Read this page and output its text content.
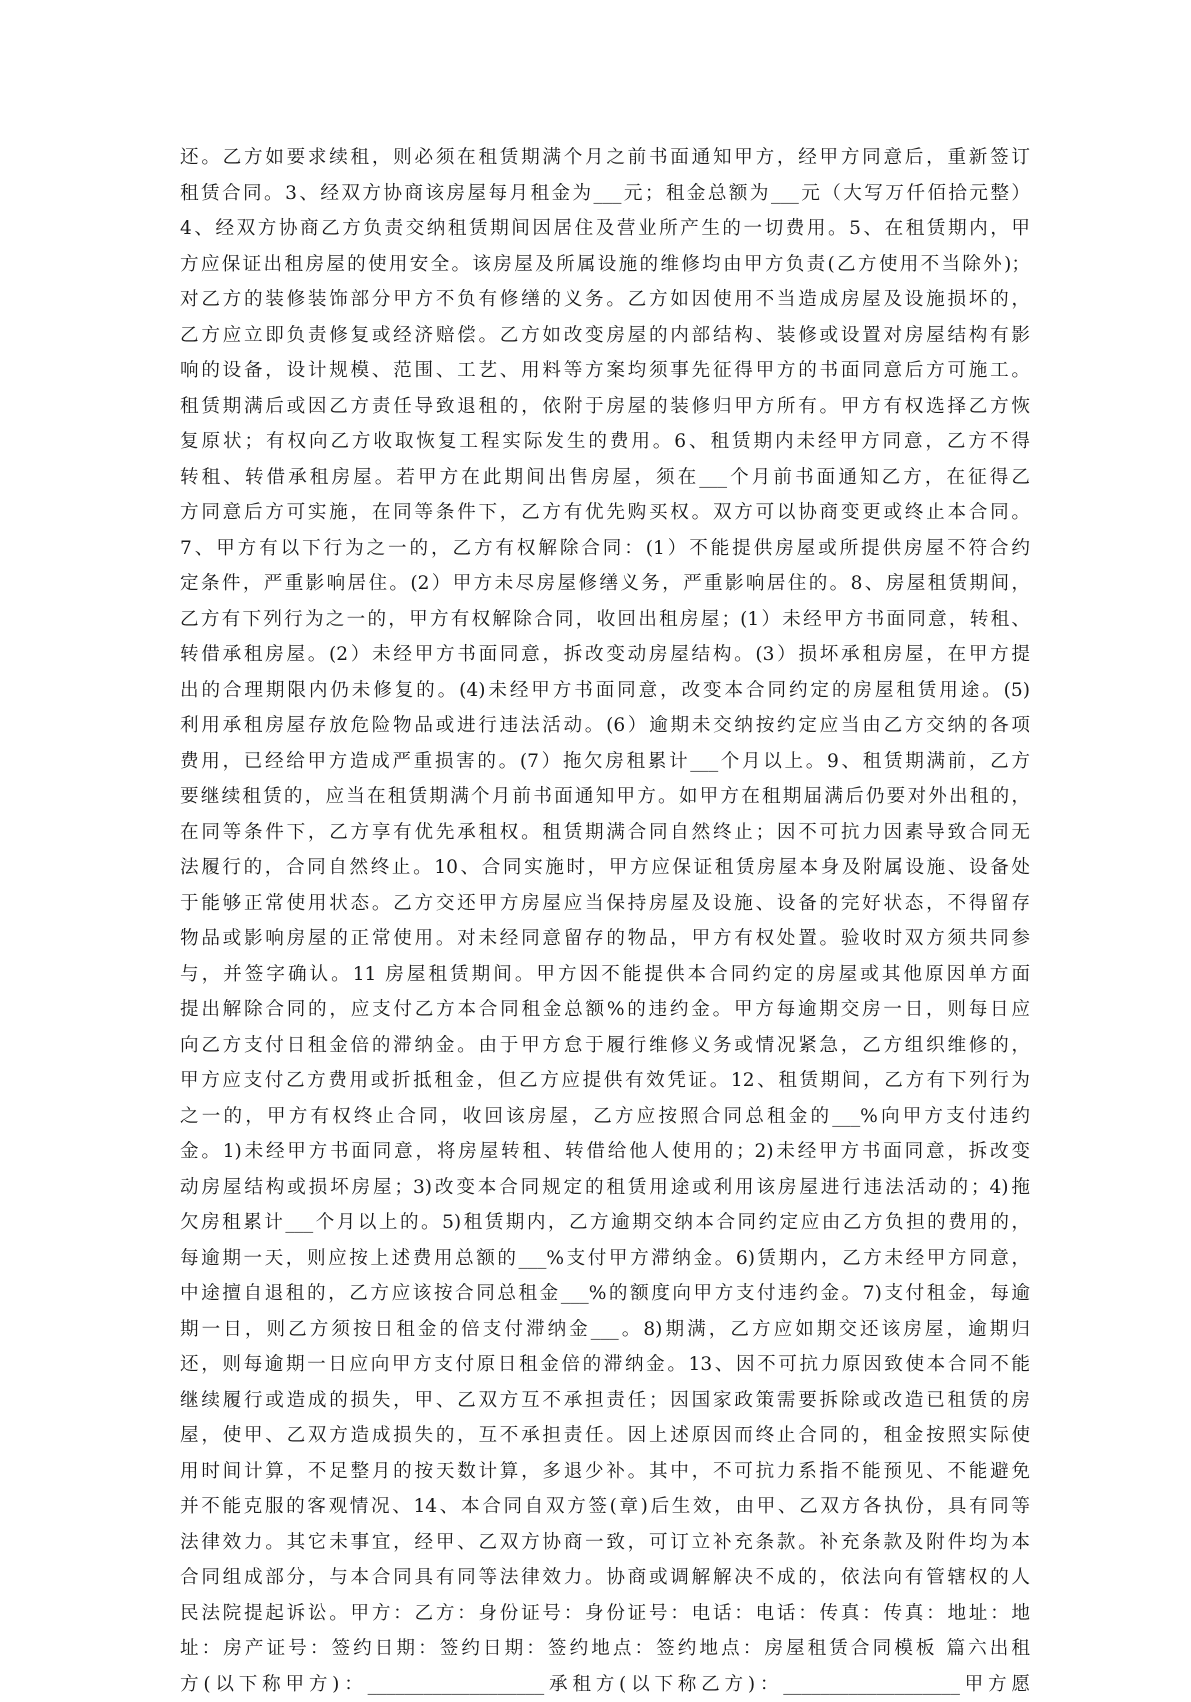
还。乙方如要求续租，则必须在租赁期满个月之前书面通知甲方，经甲方同意后，重新签订
租赁合同。3、经双方协商该房屋每月租金为___元；租金总额为___元（大写万仟佰拾元整）
4、经双方协商乙方负责交纳租赁期间因居住及营业所产生的一切费用。5、在租赁期内，甲
方应保证出租房屋的使用安全。该房屋及所属设施的维修均由甲方负责(乙方使用不当除外)；
对乙方的装修装饰部分甲方不负有修缮的义务。乙方如因使用不当造成房屋及设施损坏的，
乙方应立即负责修复或经济赔偿。乙方如改变房屋的内部结构、装修或设置对房屋结构有影
响的设备，设计规模、范围、工艺、用料等方案均须事先征得甲方的书面同意后方可施工。
租赁期满后或因乙方责任导致退租的，依附于房屋的装修归甲方所有。甲方有权选择乙方恢
复原状；有权向乙方收取恢复工程实际发生的费用。6、租赁期内未经甲方同意，乙方不得
转租、转借承租房屋。若甲方在此期间出售房屋，须在___个月前书面通知乙方，在征得乙
方同意后方可实施，在同等条件下，乙方有优先购买权。双方可以协商变更或终止本合同。
7、甲方有以下行为之一的，乙方有权解除合同：(1）不能提供房屋或所提供房屋不符合约
定条件，严重影响居住。(2）甲方未尽房屋修缮义务，严重影响居住的。8、房屋租赁期间，
乙方有下列行为之一的，甲方有权解除合同，收回出租房屋；(1）未经甲方书面同意，转租、
转借承租房屋。(2）未经甲方书面同意，拆改变动房屋结构。(3）损坏承租房屋，在甲方提
出的合理期限内仍未修复的。(4)未经甲方书面同意，改变本合同约定的房屋租赁用途。(5)
利用承租房屋存放危险物品或进行违法活动。(6）逾期未交纳按约定应当由乙方交纳的各项
费用，已经给甲方造成严重损害的。(7）拖欠房租累计___个月以上。9、租赁期满前，乙方
要继续租赁的，应当在租赁期满个月前书面通知甲方。如甲方在租期届满后仍要对外出租的，
在同等条件下，乙方享有优先承租权。租赁期满合同自然终止；因不可抗力因素导致合同无
法履行的，合同自然终止。10、合同实施时，甲方应保证租赁房屋本身及附属设施、设备处
于能够正常使用状态。乙方交还甲方房屋应当保持房屋及设施、设备的完好状态，不得留存
物品或影响房屋的正常使用。对未经同意留存的物品，甲方有权处置。验收时双方须共同参
与，并签字确认。11 房屋租赁期间。甲方因不能提供本合同约定的房屋或其他原因单方面
提出解除合同的，应支付乙方本合同租金总额%的违约金。甲方每逾期交房一日，则每日应
向乙方支付日租金倍的滞纳金。由于甲方怠于履行维修义务或情况紧急，乙方组织维修的，
甲方应支付乙方费用或折抵租金，但乙方应提供有效凭证。12、租赁期间，乙方有下列行为
之一的，甲方有权终止合同，收回该房屋，乙方应按照合同总租金的___%向甲方支付违约
金。1)未经甲方书面同意，将房屋转租、转借给他人使用的；2)未经甲方书面同意，拆改变
动房屋结构或损坏房屋；3)改变本合同规定的租赁用途或利用该房屋进行违法活动的；4)拖
欠房租累计___个月以上的。5)租赁期内，乙方逾期交纳本合同约定应由乙方负担的费用的，
每逾期一天，则应按上述费用总额的___%支付甲方滞纳金。6)赁期内，乙方未经甲方同意，
中途擅自退租的，乙方应该按合同总租金___%的额度向甲方支付违约金。7)支付租金，每逾
期一日，则乙方须按日租金的倍支付滞纳金___。8)期满，乙方应如期交还该房屋，逾期归
还，则每逾期一日应向甲方支付原日租金倍的滞纳金。13、因不可抗力原因致使本合同不能
继续履行或造成的损失，甲、乙双方互不承担责任；因国家政策需要拆除或改造已租赁的房
屋，使甲、乙双方造成损失的，互不承担责任。因上述原因而终止合同的，租金按照实际使
用时间计算，不足整月的按天数计算，多退少补。其中，不可抗力系指不能预见、不能避免
并不能克服的客观情况、14、本合同自双方签(章)后生效，由甲、乙双方各执份，具有同等
法律效力。其它未事宜，经甲、乙双方协商一致，可订立补充条款。补充条款及附件均为本
合同组成部分，与本合同具有同等法律效力。协商或调解解决不成的，依法向有管辖权的人
民法院提起诉讼。甲方：乙方：身份证号：身份证号：电话：电话：传真：传真：地址：地
址：房产证号：签约日期：签约日期：签约地点：签约地点：房屋租赁合同模板 篇六出租
方(以下称甲方)：___________________承租方(以下称乙方)：___________________甲方愿
